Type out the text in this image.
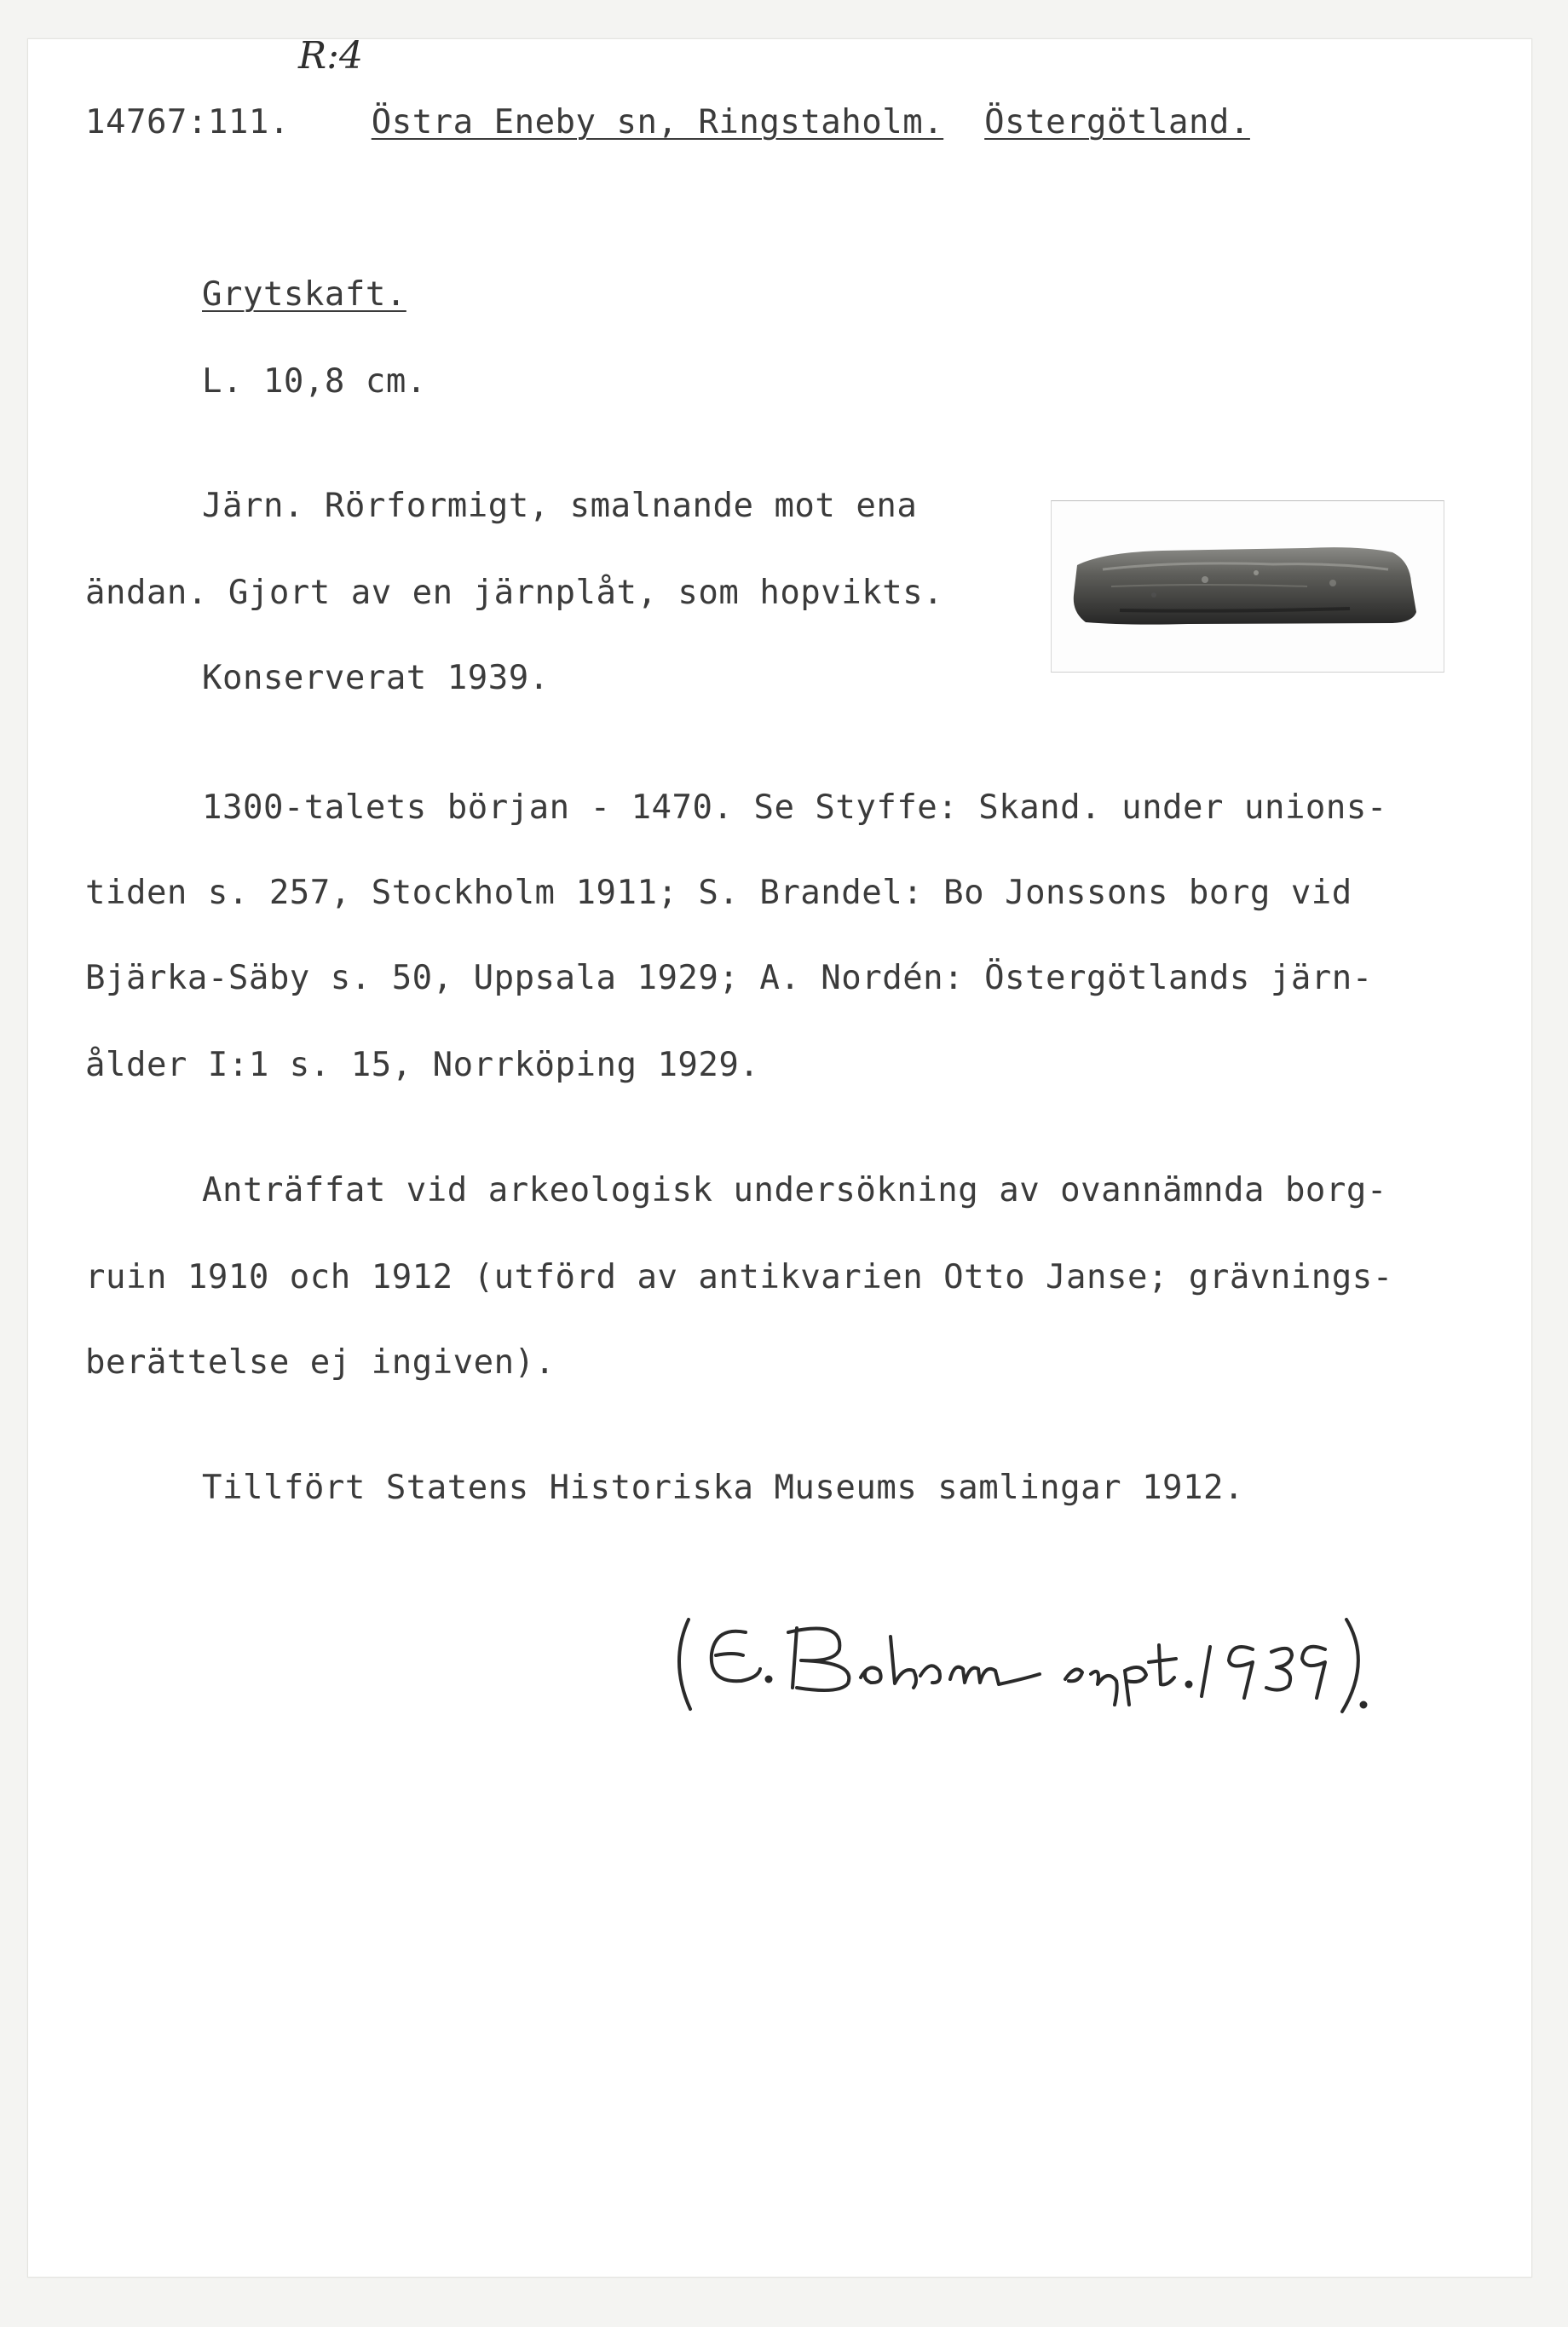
R:4
14767:111. Östra Eneby sn, Ringstaholm. Östergötland.
Grytskaft.
L. 10,8 cm.
Järn. Rörformigt, smalnande mot ena
ändan. Gjort av en järnplåt, som hopvikts.
Konserverat 1939.
1300-talets början - 1470. Se Styffe: Skand. under unions-
tiden s. 257, Stockholm 1911; S. Brandel: Bo Jonssons borg vid
Bjärka-Säby s. 50, Uppsala 1929; A. Nordén: Östergötlands järn-
ålder I:1 s. 15, Norrköping 1929.
Anträffat vid arkeologisk undersökning av ovannämnda borg-
ruin 1910 och 1912 (utförd av antikvarien Otto Janse; grävnings-
berättelse ej ingiven).
Tillfört Statens Historiska Museums samlingar 1912.
